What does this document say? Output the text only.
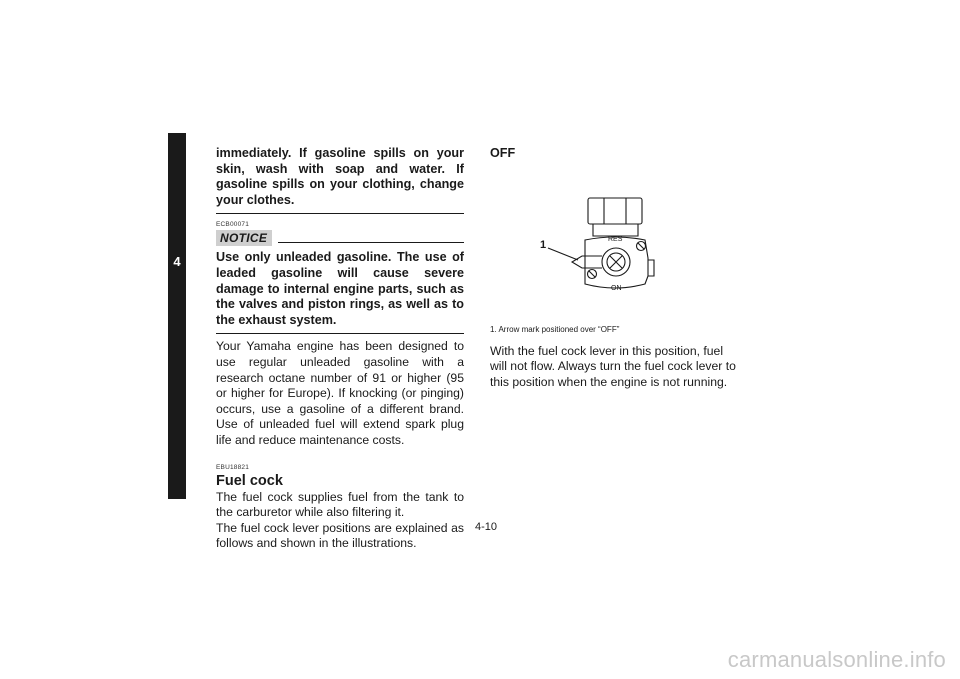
4

immediately. If gasoline spills on your skin, wash with soap and water. If gasoline spills on your clothing, change your clothes.

ECB00071

NOTICE

Use only unleaded gasoline. The use of leaded gasoline will cause severe damage to internal engine parts, such as the valves and piston rings, as well as to the exhaust system.

Your Yamaha engine has been designed to use regular unleaded gasoline with a research octane number of 91 or higher (95 or higher for Europe). If knocking (or pinging) occurs, use a gasoline of a different brand. Use of unleaded fuel will extend spark plug life and reduce maintenance costs.

EBU18821

Fuel cock

The fuel cock supplies fuel from the tank to the carburetor while also filtering it.

The fuel cock lever positions are explained as follows and shown in the illustrations.

OFF

RES
ON
1

1. Arrow mark positioned over “OFF”

With the fuel cock lever in this position, fuel will not flow. Always turn the fuel cock lever to this position when the engine is not running.

4-10
carmanualsonline.info
